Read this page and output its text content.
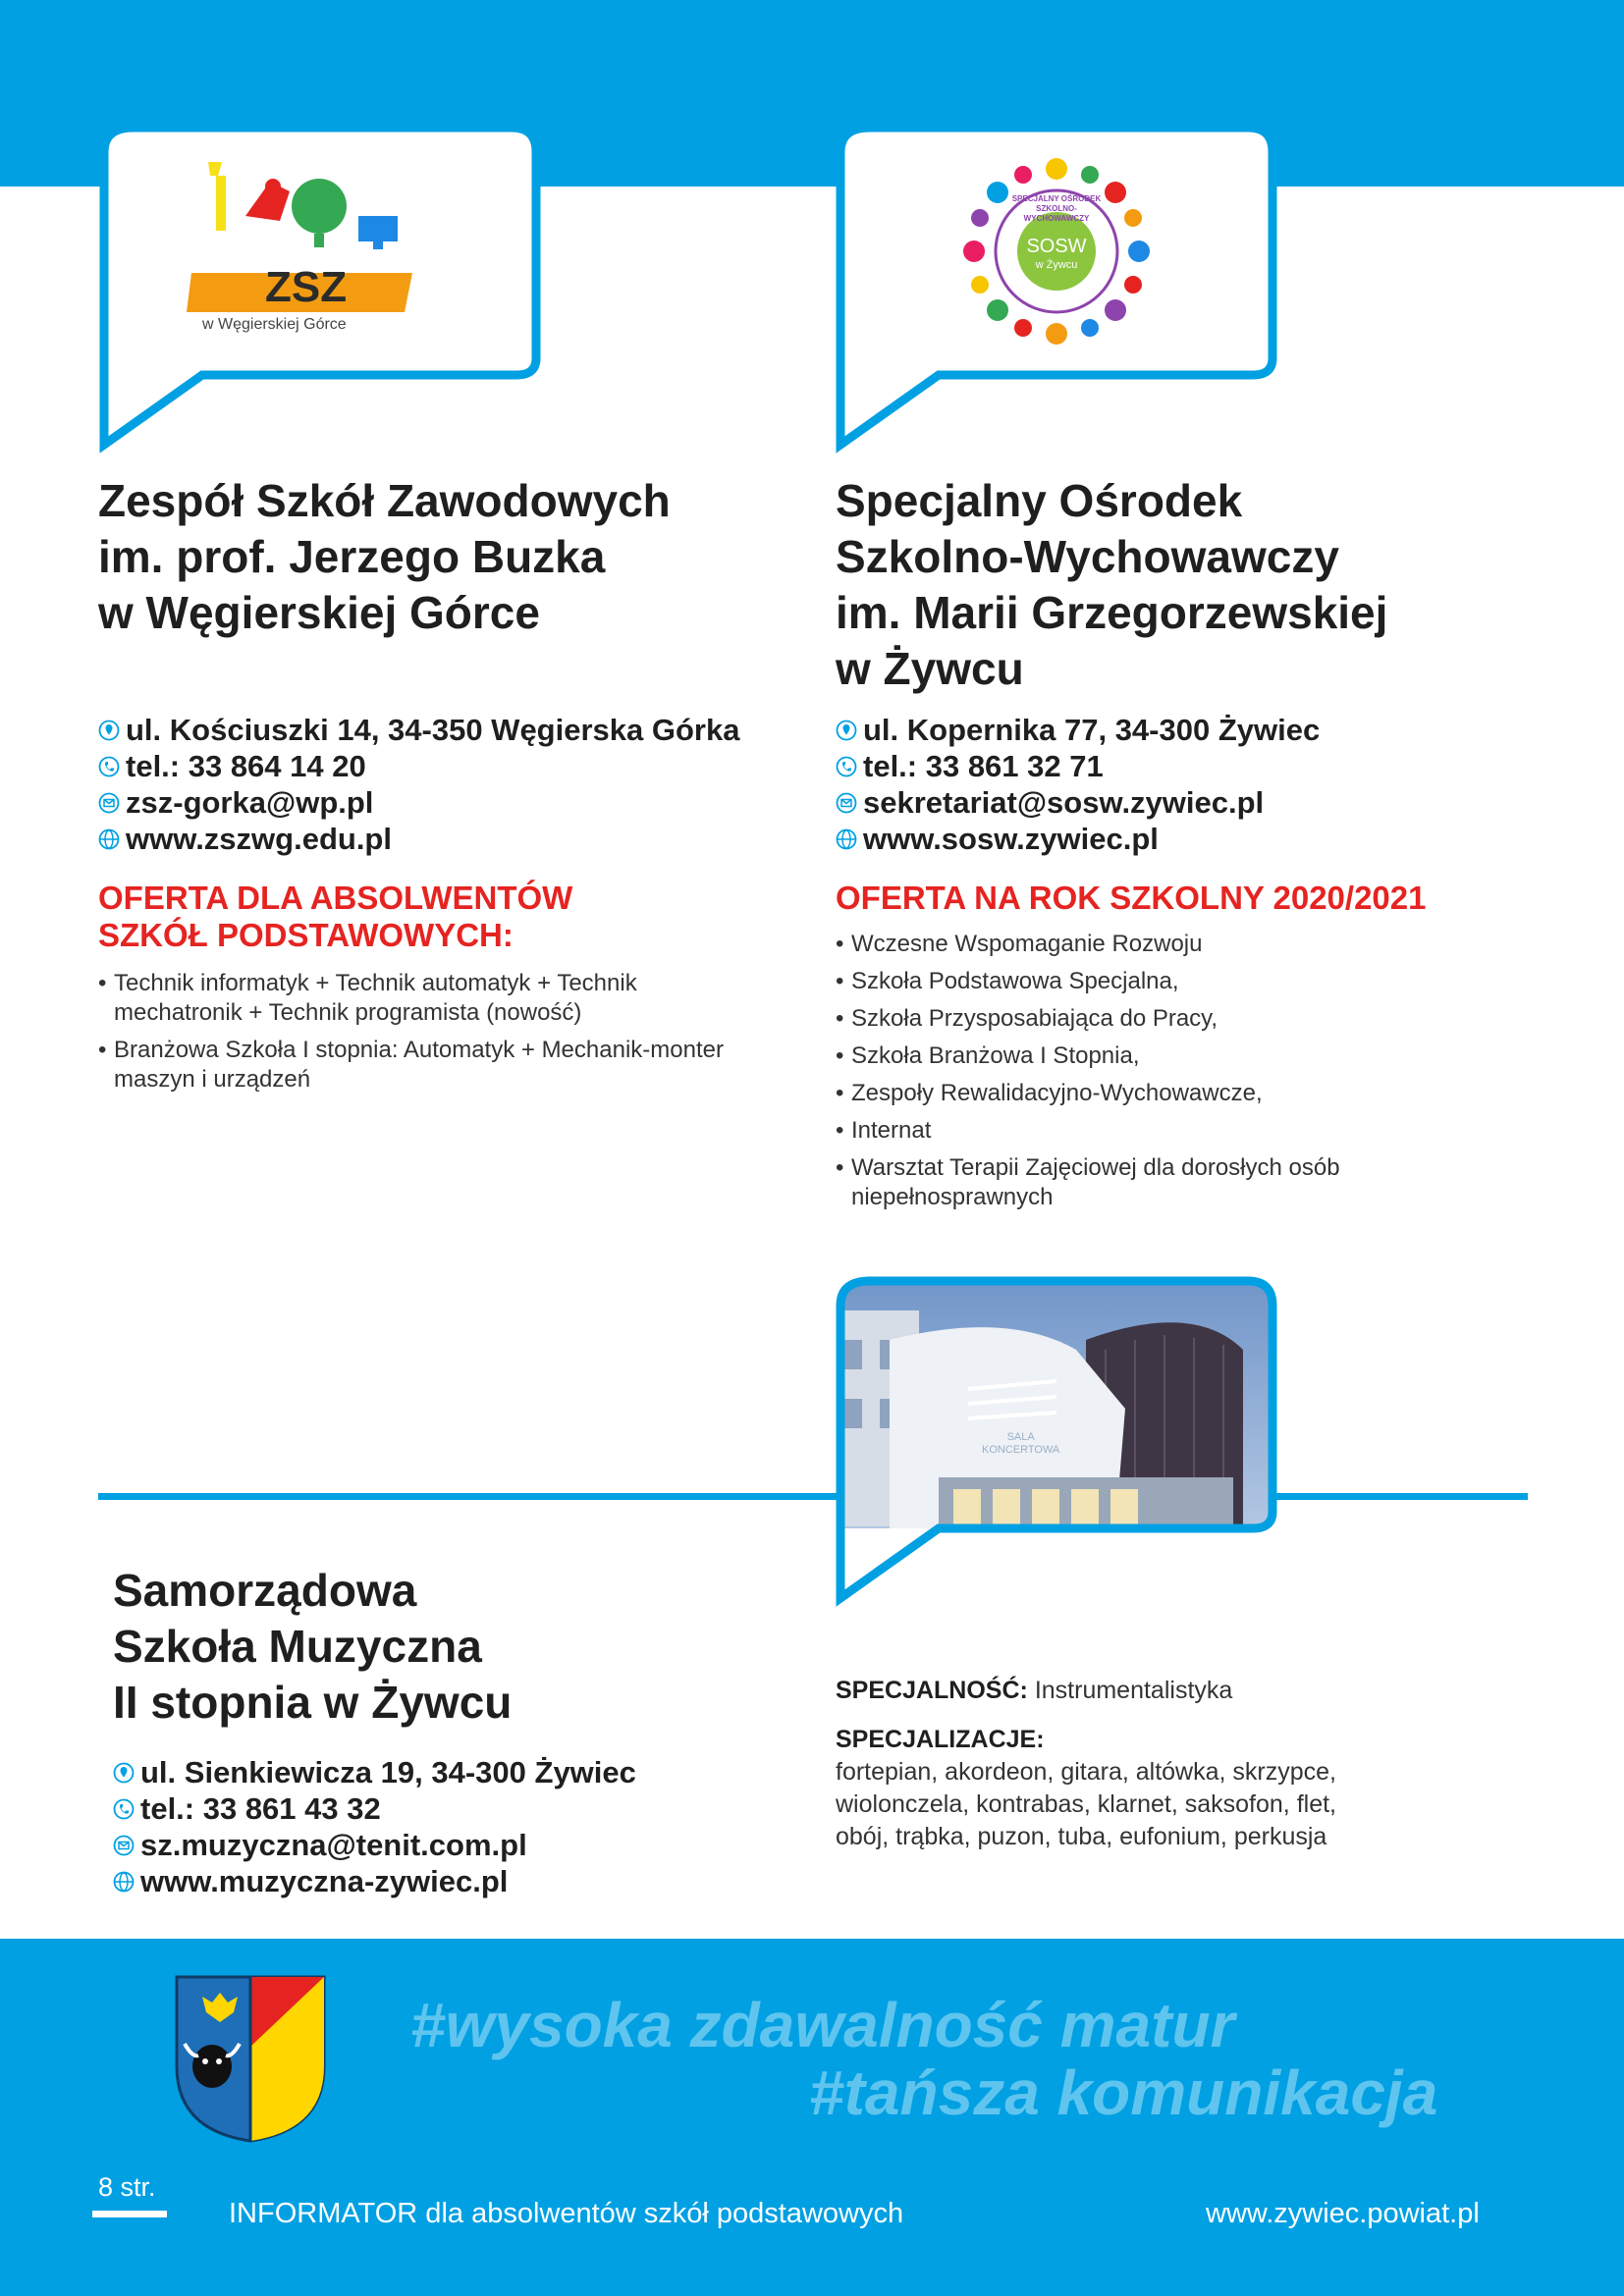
ZSZ
w Węgierskiej Górce
SOSW
w Żywcu
SPECJALNY OŚRODEK SZKOLNO-WYCHOWAWCZY
Zespół Szkół Zawodowych
im. prof. Jerzego Buzka
w Węgierskiej Górce
ul. Kościuszki 14, 34-350 Węgierska Górka
tel.: 33 864 14 20
zsz-gorka@wp.pl
www.zszwg.edu.pl
OFERTA DLA ABSOLWENTÓW
SZKÓŁ PODSTAWOWYCH:
• Technik informatyk + Technik automatyk + Technik mechatronik + Technik programista (nowość)
• Branżowa Szkoła I stopnia: Automatyk + Mechanik-monter maszyn i urządzeń
Specjalny Ośrodek
Szkolno-Wychowawczy
im. Marii Grzegorzewskiej
w Żywcu
ul. Kopernika 77, 34-300 Żywiec
tel.: 33 861 32 71
sekretariat@sosw.zywiec.pl
www.sosw.zywiec.pl
OFERTA NA ROK SZKOLNY 2020/2021
• Wczesne Wspomaganie Rozwoju
• Szkoła Podstawowa Specjalna,
• Szkoła Przysposabiająca do Pracy,
• Szkoła Branżowa I Stopnia,
• Zespoły Rewalidacyjno-Wychowawcze,
• Internat
• Warsztat Terapii Zajęciowej dla dorosłych osób niepełnosprawnych
SALA
KONCERTOWA
Samorządowa
Szkoła Muzyczna
II stopnia w Żywcu
ul. Sienkiewicza 19, 34-300 Żywiec
tel.: 33 861 43 32
sz.muzyczna@tenit.com.pl
www.muzyczna-zywiec.pl
SPECJALNOŚĆ: Instrumentalistyka
SPECJALIZACJE:
fortepian, akordeon, gitara, altówka, skrzypce,
wiolonczela, kontrabas, klarnet, saksofon, flet,
obój, trąbka, puzon, tuba, eufonium, perkusja
#wysoka zdawalność matur
#tańsza komunikacja
8 str.
INFORMATOR dla absolwentów szkół podstawowych	www.zywiec.powiat.pl
